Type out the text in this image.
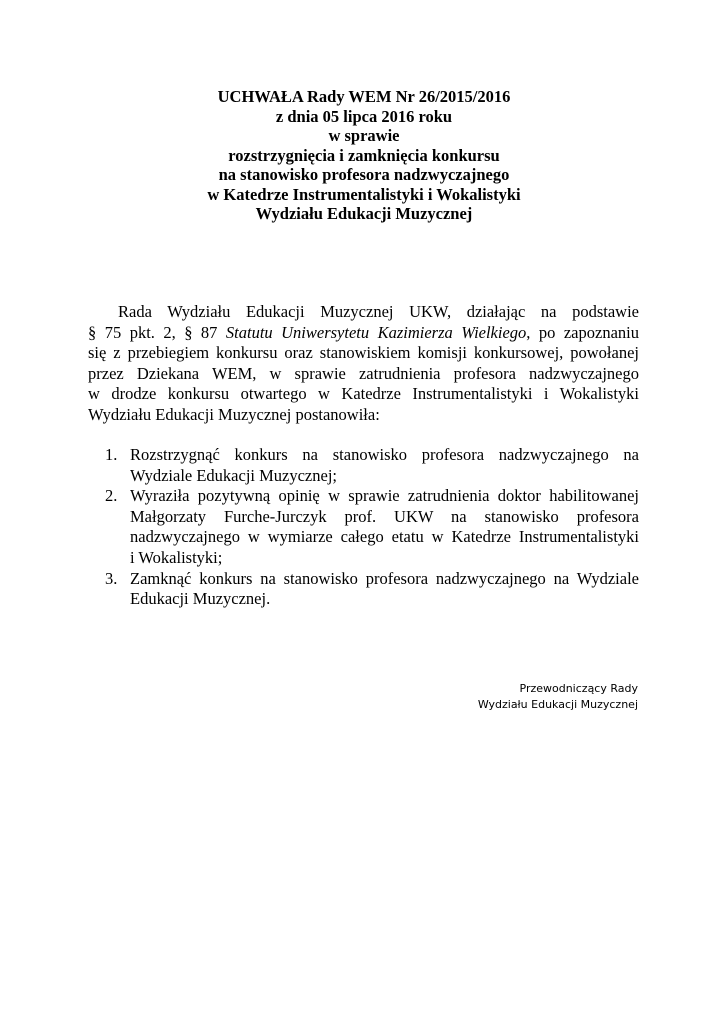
UCHWAŁA Rady WEM Nr 26/2015/2016
z dnia 05 lipca 2016 roku
w sprawie
rozstrzygnięcia i zamknięcia konkursu
na stanowisko profesora nadzwyczajnego
w Katedrze Instrumentalistyki i Wokalistyki
Wydziału Edukacji Muzycznej
Rada Wydziału Edukacji Muzycznej UKW, działając na podstawie
§ 75 pkt. 2, § 87 Statutu Uniwersytetu Kazimierza Wielkiego, po zapoznaniu
się z przebiegiem konkursu oraz stanowiskiem komisji konkursowej, powołanej
przez Dziekana WEM, w sprawie zatrudnienia profesora nadzwyczajnego
w drodze konkursu otwartego w Katedrze Instrumentalistyki i Wokalistyki
Wydziału Edukacji Muzycznej postanowiła:
1. Rozstrzygnąć konkurs na stanowisko profesora nadzwyczajnego na
Wydziale Edukacji Muzycznej;
2. Wyraziła pozytywną opinię w sprawie zatrudnienia doktor habilitowanej
Małgorzaty Furche-Jurczyk prof. UKW na stanowisko profesora
nadzwyczajnego w wymiarze całego etatu w Katedrze Instrumentalistyki
i Wokalistyki;
3. Zamknąć konkurs na stanowisko profesora nadzwyczajnego na Wydziale
Edukacji Muzycznej.
Przewodniczący Rady
Wydziału Edukacji Muzycznej
